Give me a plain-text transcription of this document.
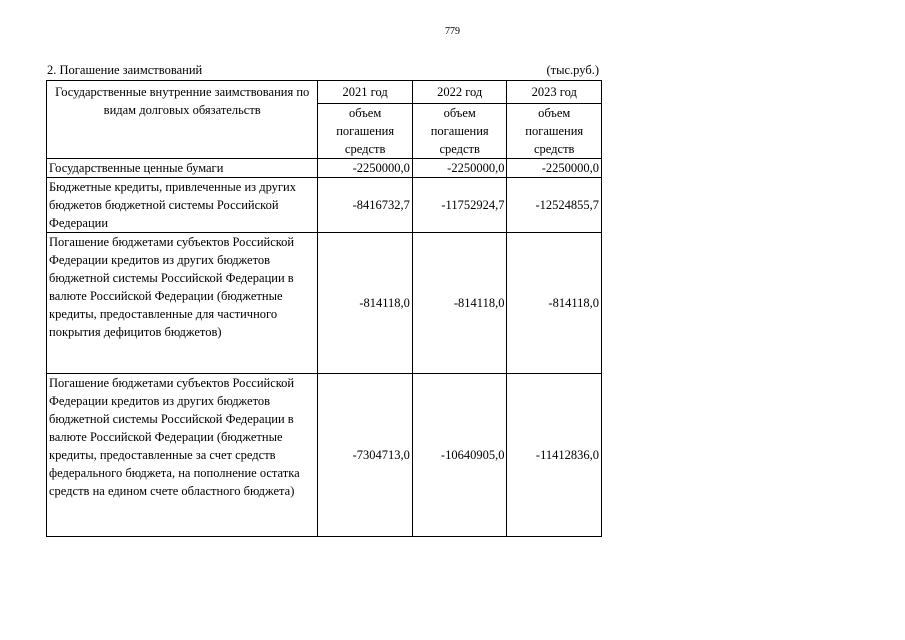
779
2. Погашение заимствований	(тыс.руб.)
Государственные внутренние заимствования по видам долговых обязательств	2021 год	2022 год	2023 год
	объем погашения средств	объем погашения средств	объем погашения средств
Государственные ценные бумаги	-2250000,0	-2250000,0	-2250000,0
Бюджетные кредиты, привлеченные из других бюджетов бюджетной системы Российской Федерации	-8416732,7	-11752924,7	-12524855,7
Погашение бюджетами субъектов Российской Федерации кредитов из других бюджетов бюджетной системы Российской Федерации в валюте Российской Федерации (бюджетные кредиты, предоставленные для частичного покрытия дефицитов бюджетов)	-814118,0	-814118,0	-814118,0
Погашение бюджетами субъектов Российской Федерации кредитов из других бюджетов бюджетной системы Российской Федерации в валюте Российской Федерации (бюджетные кредиты, предоставленные за счет средств федерального бюджета, на пополнение остатка средств на едином счете областного бюджета)	-7304713,0	-10640905,0	-11412836,0
